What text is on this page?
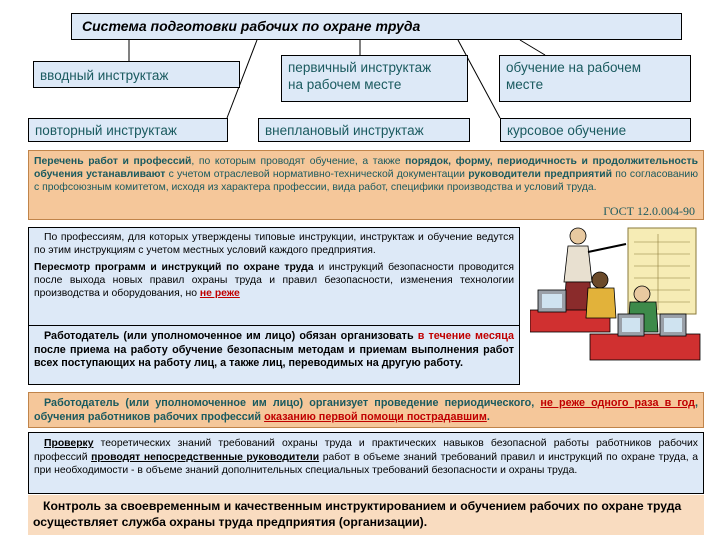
Система подготовки рабочих по охране труда
вводный инструктаж
первичный инструктаж
на рабочем месте
обучение на рабочем
месте
повторный инструктаж	внеплановый инструктаж	курсовое обучение
Перечень работ и профессий, по которым проводят обучение, а также порядок, форму, периодичность и продолжительность обучения устанавливают с учетом отраслевой нормативно-технической документации руководители предприятий по согласованию с профсоюзным комитетом, исходя из характера профессии, вида работ, специфики производства и условий труда.
ГОСТ 12.0.004-90
По профессиям, для которых утверждены типовые инструкции, инструктаж и обучение ведутся по этим инструкциям с учетом местных условий каждого предприятия.
Пересмотр программ и инструкций по охране труда и инструкций безопасности проводится после выхода новых правил охраны труда и правил безопасности, изменения технологии производства и оборудования, но не реже
Работодатель (или уполномоченное им лицо) обязан организовать в течение месяца после приема на работу обучение безопасным методам и приемам выполнения работ всех поступающих на работу лиц, а также лиц, переводимых на другую работу.
Работодатель (или уполномоченное им лицо) организует проведение периодического, не реже одного раза в год, обучения работников рабочих профессий оказанию первой помощи пострадавшим.
Проверку теоретических знаний требований охраны труда и практических навыков безопасной работы работников рабочих профессий проводят непосредственные руководители работ в объеме знаний требований правил и инструкций по охране труда, а при необходимости - в объеме знаний дополнительных специальных требований безопасности и охраны труда.
Контроль за своевременным и качественным инструктированием и обучением рабочих по охране труда осуществляет служба охраны труда предприятия (организации).
